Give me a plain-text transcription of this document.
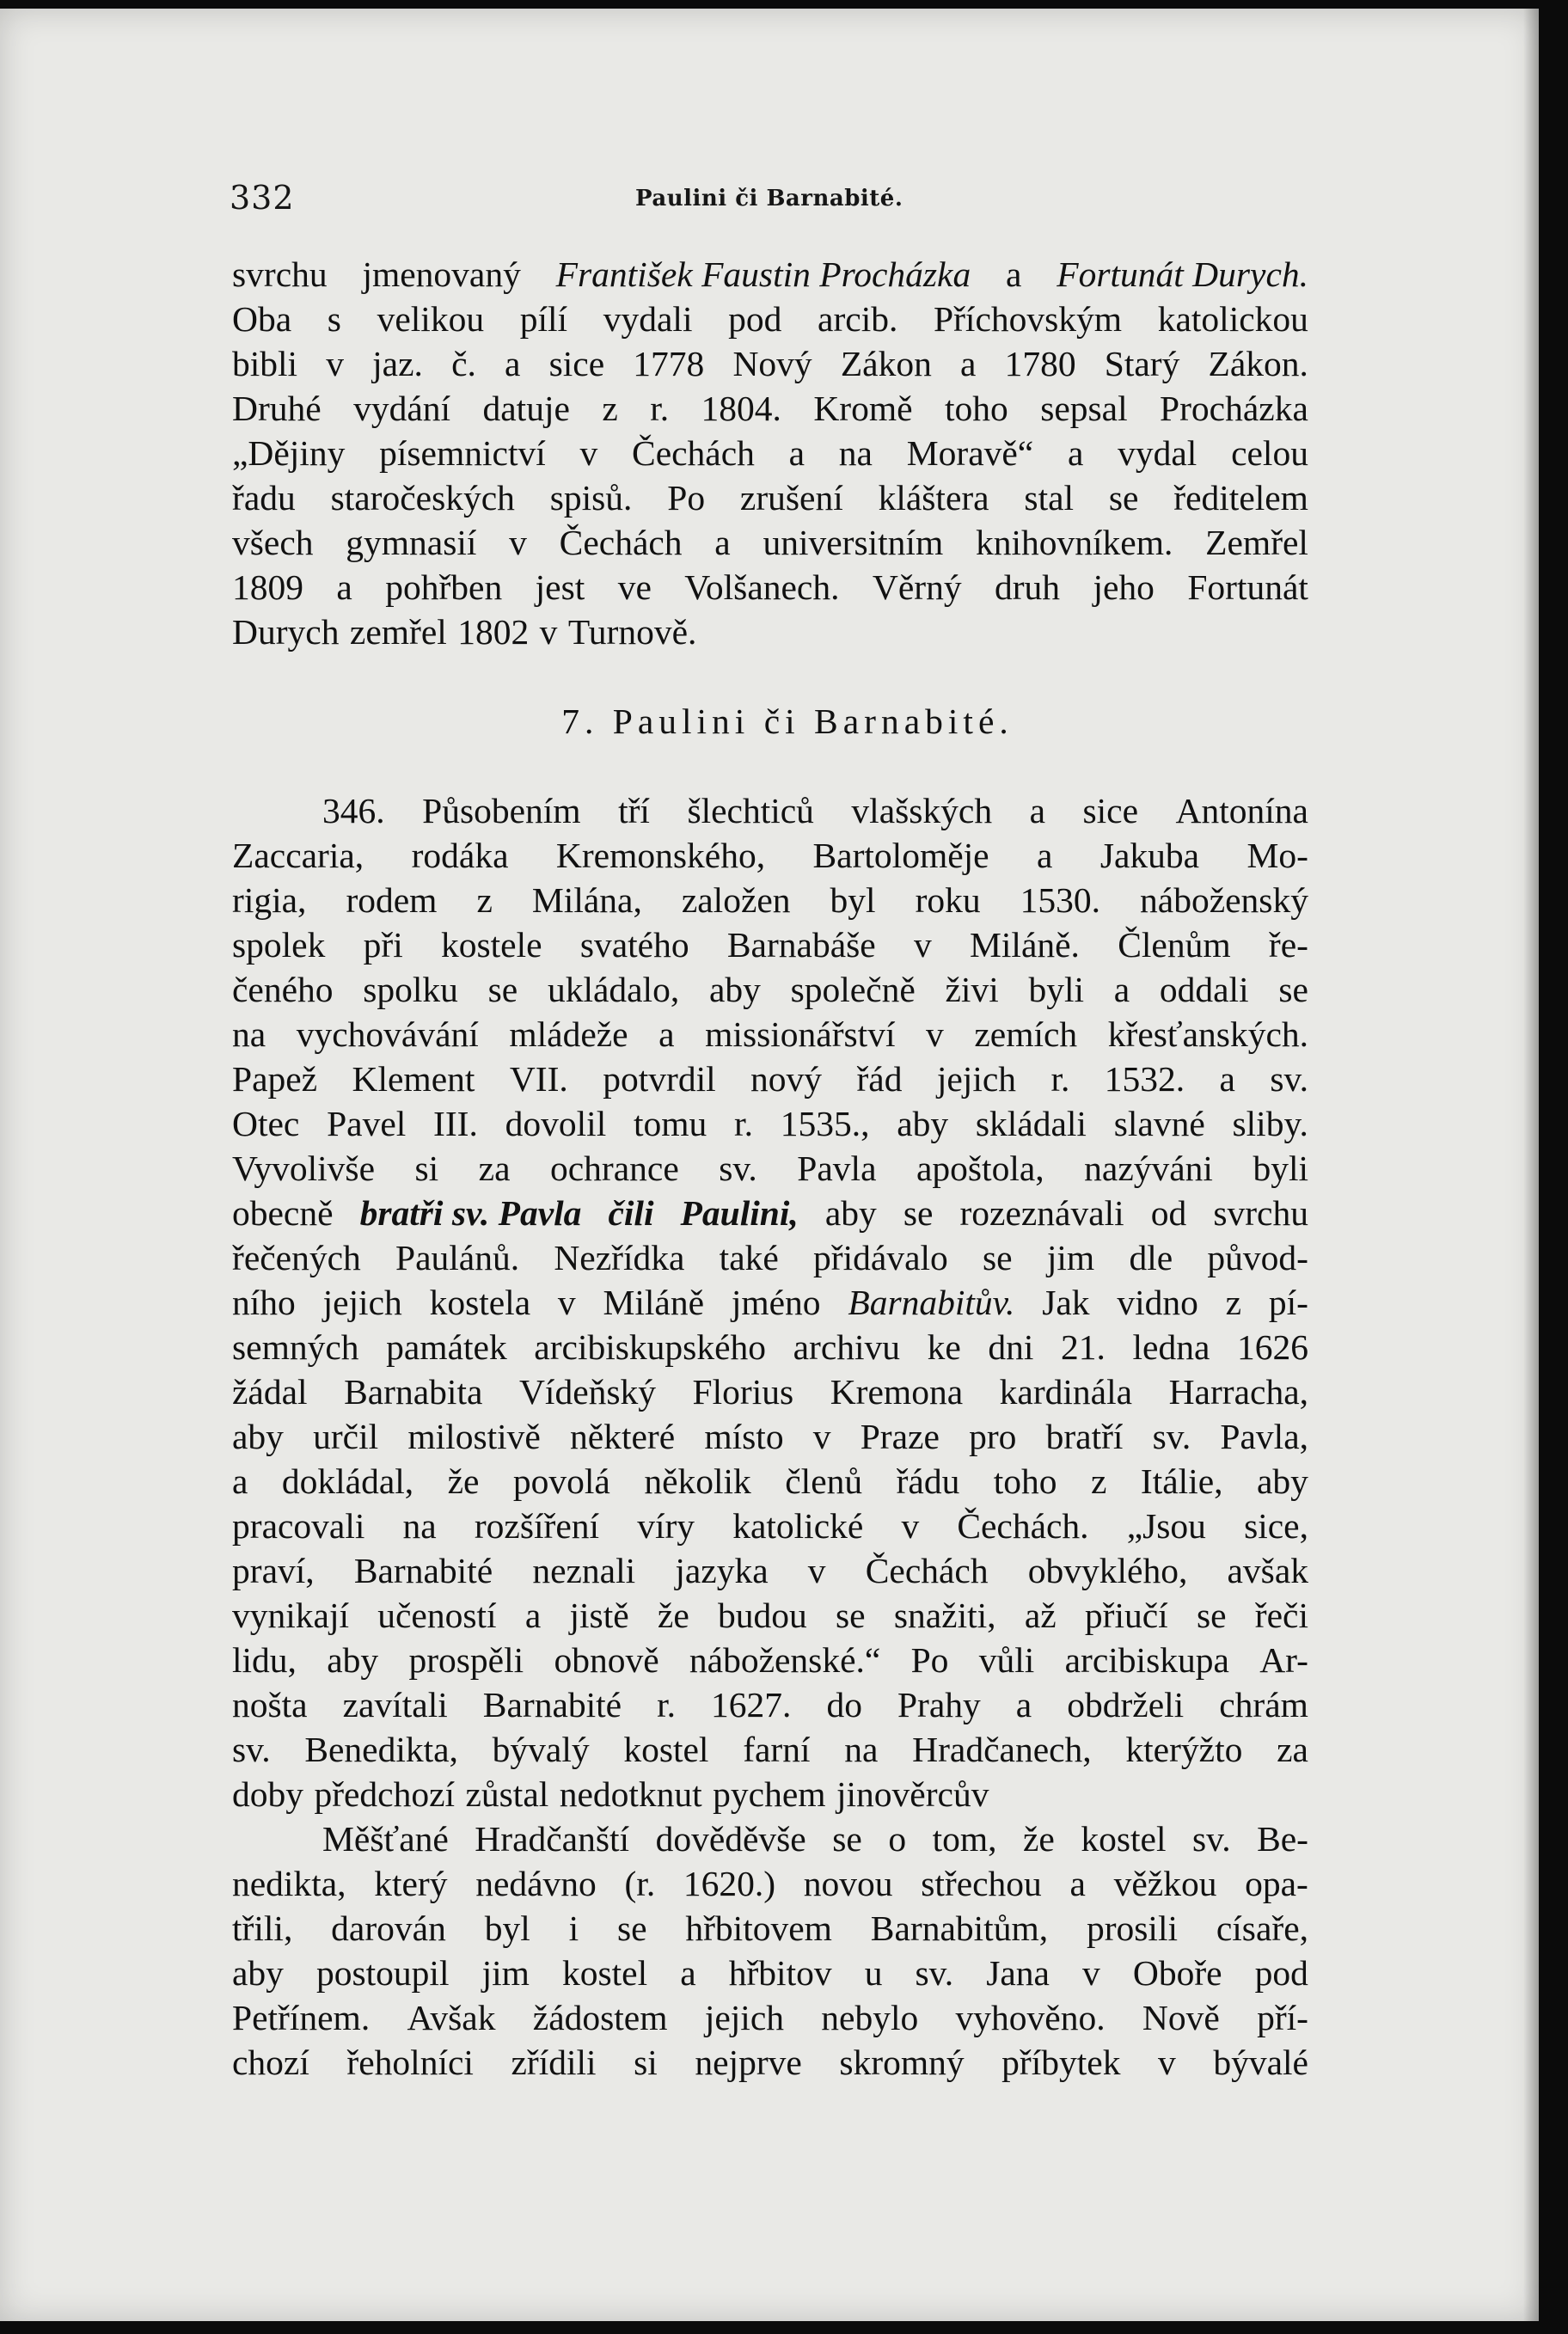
332	Paulini či Barnabité.
svrchu jmenovaný František Faustin Procházka a Fortunát Durych.
Oba s velikou pílí vydali pod arcib. Příchovským katolickou
bibli v jaz. č. a sice 1778 Nový Zákon a 1780 Starý Zákon.
Druhé vydání datuje z r. 1804. Kromě toho sepsal Procházka
„Dějiny písemnictví v Čechách a na Moravě“ a vydal celou
řadu staročeských spisů. Po zrušení kláštera stal se ředitelem
všech gymnasií v Čechách a universitním knihovníkem. Zemřel
1809 a pohřben jest ve Volšanech. Věrný druh jeho Fortunát
Durych zemřel 1802 v Turnově.
7. Paulini či Barnabité.
346. Působením tří šlechticů vlašských a sice Antonína
Zaccaria, rodáka Kremonského, Bartoloměje a Jakuba Mo-
rigia, rodem z Milána, založen byl roku 1530. náboženský
spolek při kostele svatého Barnabáše v Miláně. Členům ře-
čeného spolku se ukládalo, aby společně živi byli a oddali se
na vychovávání mládeže a missionářství v zemích křesťanských.
Papež Klement VII. potvrdil nový řád jejich r. 1532. a sv.
Otec Pavel III. dovolil tomu r. 1535., aby skládali slavné sliby.
Vyvolivše si za ochrance sv. Pavla apoštola, nazýváni byli
obecně bratři sv. Pavla čili Paulini, aby se rozeznávali od svrchu
řečených Paulánů. Nezřídka také přidávalo se jim dle původ-
ního jejich kostela v Miláně jméno Barnabitův. Jak vidno z pí-
semných památek arcibiskupského archivu ke dni 21. ledna 1626
žádal Barnabita Vídeňský Florius Kremona kardinála Harracha,
aby určil milostivě některé místo v Praze pro bratří sv. Pavla,
a dokládal, že povolá několik členů řádu toho z Itálie, aby
pracovali na rozšíření víry katolické v Čechách. „Jsou sice,
praví, Barnabité neznali jazyka v Čechách obvyklého, avšak
vynikají učeností a jistě že budou se snažiti, až přiučí se řeči
lidu, aby prospěli obnově náboženské.“ Po vůli arcibiskupa Ar-
nošta zavítali Barnabité r. 1627. do Prahy a obdrželi chrám
sv. Benedikta, bývalý kostel farní na Hradčanech, kterýžto za
doby předchozí zůstal nedotknut pychem jinověrcův
Měšťané Hradčanští dověděvše se o tom, že kostel sv. Be-
nedikta, který nedávno (r. 1620.) novou střechou a věžkou opa-
třili, darován byl i se hřbitovem Barnabitům, prosili císaře,
aby postoupil jim kostel a hřbitov u sv. Jana v Oboře pod
Petřínem. Avšak žádostem jejich nebylo vyhověno. Nově pří-
chozí řeholníci zřídili si nejprve skromný příbytek v bývalé
